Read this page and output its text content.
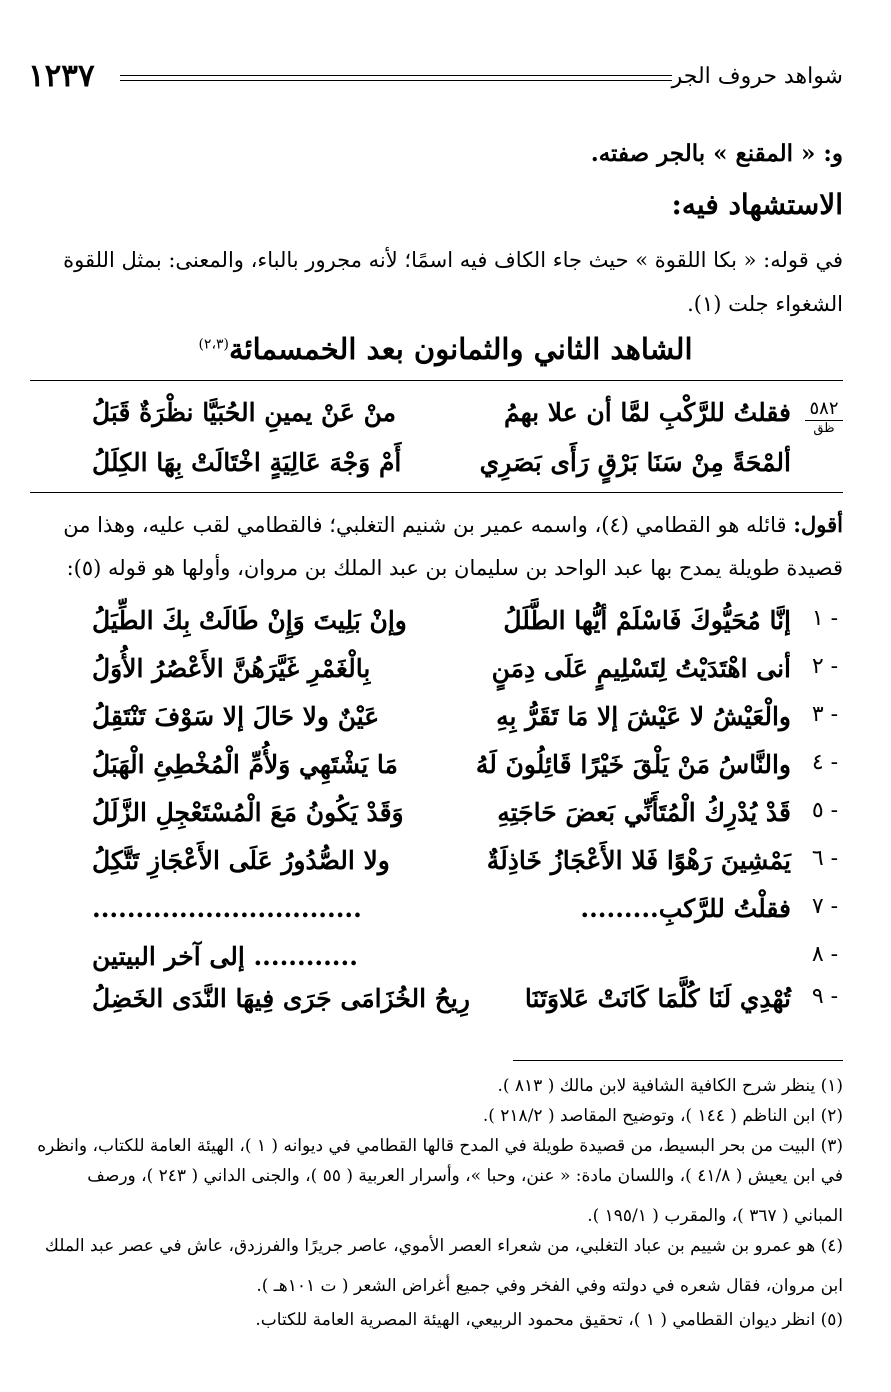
شواهد حروف الجر
١٢٣٧
و: « المقنع » بالجر صفته.
الاستشهاد فيه:
في قوله: « بكا اللقوة » حيث جاء الكاف فيه اسمًا؛ لأنه مجرور بالباء، والمعنى: بمثل اللقوة
الشغواء جلت (١).
الشاهد الثاني والثمانون بعد الخمسمائة$^{(٢،٣)}$
٥٨٢
ظق
فقلتُ للرَّكْبِ لمَّا أن علا بهمُ
منْ عَنْ يمينِ الحُبَيَّا نظْرَةٌ قَبَلُ
ألمْحَةً مِنْ سَنَا بَرْقٍ رَأَى بَصَرِي
أَمْ وَجْهَ عَالِيَةٍ اخْتَالَتْ بِهَا الكِلَلُ
أقول: قائله هو القطامي (٤)، واسمه عمير بن شنيم التغلبي؛ فالقطامي لقب عليه، وهذا من
قصيدة طويلة يمدح بها عبد الواحد بن سليمان بن عبد الملك بن مروان، وأولها هو قوله (٥):
١ -
إنَّا مُحَيُّوكَ فَاسْلَمْ أيُّها الطَّلَلُ
وإنْ بَلِيتَ وَإِنْ طَالَتْ بِكَ الطِّيَلُ
٢ -
أنى اهْتَدَيْتُ لِتَسْلِيمٍ عَلَى دِمَنٍ
بِالْغَمْرِ غَيَّرَهُنَّ الأَعْصُرُ الأُوَلُ
٣ -
والْعَيْشُ لا عَيْشَ إلا مَا تَقَرُّ بِهِ
عَيْنٌ ولا حَالَ إلا سَوْفَ تَنْتَقِلُ
٤ -
والنَّاسُ مَنْ يَلْقَ خَيْرًا قَائِلُونَ لَهُ
مَا يَشْتَهِي وَلأُمِّ الْمُخْطِئِ الْهَبَلُ
٥ -
قَدْ يُدْرِكُ الْمُتَأَنِّي بَعضَ حَاجَتِهِ
وَقَدْ يَكُونُ مَعَ الْمُسْتَعْجِلِ الزَّلَلُ
٦ -
يَمْشِينَ رَهْوًا فَلا الأَعْجَازُ خَاذِلَةٌ
ولا الصُّدُورُ عَلَى الأَعْجَازِ تَتَّكِلُ
٧ -
فقلْتُ للرَّكبِ.........
...............................
٨ -
............ إلى آخر البيتين
٩ -
تُهْدِي لَنَا كُلَّمَا كَانَتْ عَلاوَتَنَا
رِيحُ الخُزَامَى جَرَى فِيهَا النَّدَى الخَضِلُ
(١) ينظر شرح الكافية الشافية لابن مالك ( ٨١٣ ).
(٢) ابن الناظم ( ١٤٤ )، وتوضيح المقاصد ( ٢١٨/٢ ).
(٣) البيت من بحر البسيط، من قصيدة طويلة في المدح قالها القطامي في ديوانه ( ١ )، الهيئة العامة للكتاب، وانظره
في ابن يعيش ( ٤١/٨ )، واللسان مادة: « عنن، وحبا »، وأسرار العربية ( ٥٥ )، والجنى الداني ( ٢٤٣ )، ورصف
المباني ( ٣٦٧ )، والمقرب ( ١٩٥/١ ).
(٤) هو عمرو بن شييم بن عباد التغلبي، من شعراء العصر الأموي، عاصر جريرًا والفرزدق، عاش في عصر عبد الملك
ابن مروان، فقال شعره في دولته وفي الفخر وفي جميع أغراض الشعر ( ت ١٠١هـ ).
(٥) انظر ديوان القطامي ( ١ )، تحقيق محمود الربيعي، الهيئة المصرية العامة للكتاب.
